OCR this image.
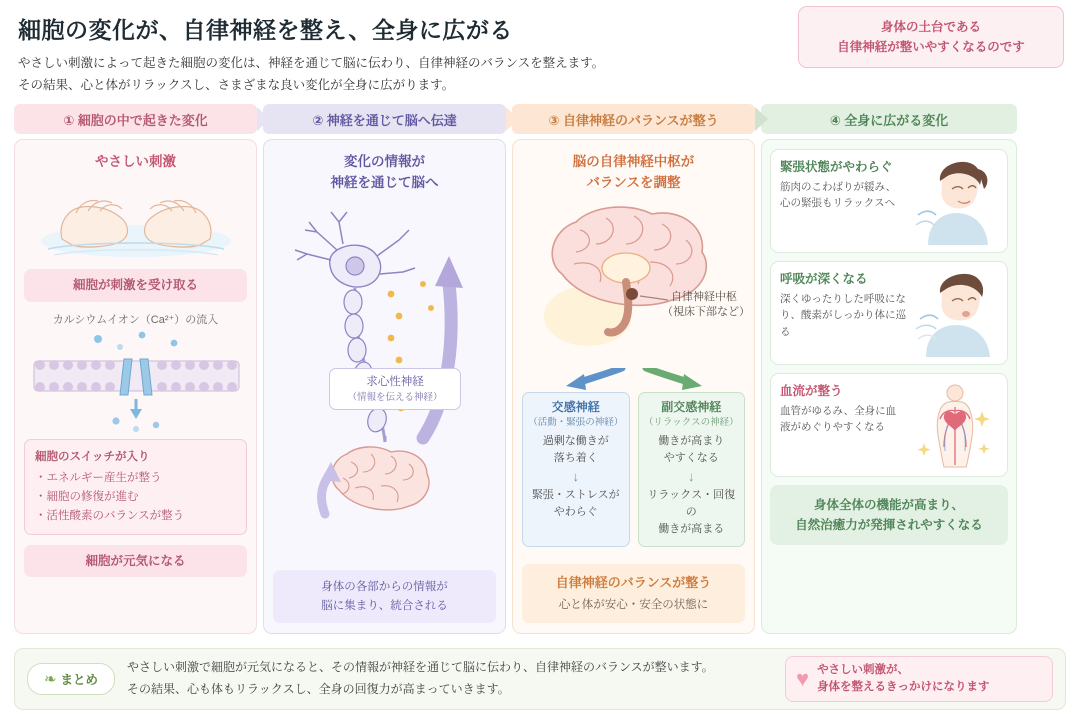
細胞の変化が、自律神経を整え、全身に広がる
やさしい刺激によって起きた細胞の変化は、神経を通じて脳に伝わり、自律神経のバランスを整えます。
その結果、心と体がリラックスし、さまざまな良い変化が全身に広がります。
身体の土台である
自律神経が整いやすくなるのです
① 細胞の中で起きた変化
やさしい刺激
細胞が刺激を受け取る
カルシウムイオン（Ca²⁺）の流入
細胞のスイッチが入り
・エネルギー産生が整う
・細胞の修復が進む
・活性酸素のバランスが整う
細胞が元気になる
② 神経を通じて脳へ伝達
変化の情報が
神経を通じて脳へ
求心性神経
（情報を伝える神経）
身体の各部からの情報が
脳に集まり、統合される
③ 自律神経のバランスが整う
脳の自律神経中枢が
バランスを調整
自律神経中枢
（視床下部など）
交感神経
（活動・緊張の神経）
過剰な働きが
落ち着く
↓
緊張・ストレスが
やわらぐ
副交感神経
（リラックスの神経）
働きが高まり
やすくなる
↓
リラックス・回復の
働きが高まる
自律神経のバランスが整う
心と体が安心・安全の状態に
④ 全身に広がる変化
緊張状態がやわらぐ
筋肉のこわばりが緩み、心の緊張もリラックスへ
呼吸が深くなる
深くゆったりした呼吸になり、酸素がしっかり体に巡る
血流が整う
血管がゆるみ、全身に血液がめぐりやすくなる
身体全体の機能が高まり、
自然治癒力が発揮されやすくなる
❧ まとめ
やさしい刺激で細胞が元気になると、その情報が神経を通じて脳に伝わり、自律神経のバランスが整います。
その結果、心も体もリラックスし、全身の回復力が高まっていきます。	♥ やさしい刺激が、
身体を整えるきっかけになります
